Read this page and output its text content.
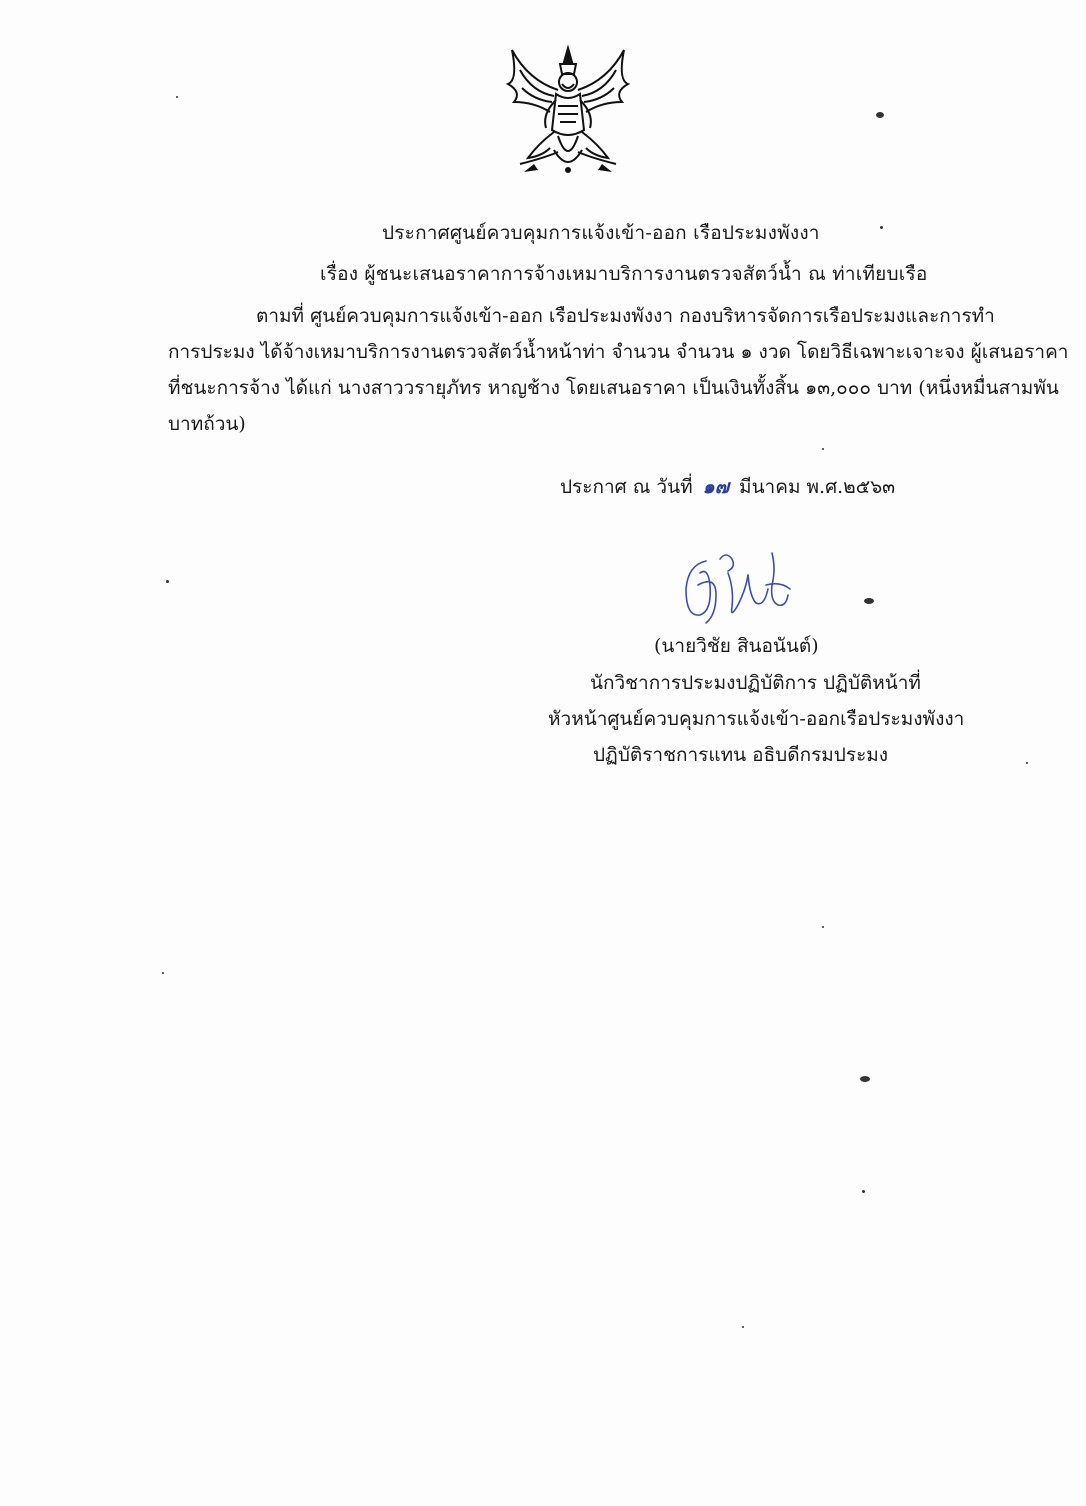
ประกาศศูนย์ควบคุมการแจ้งเข้า-ออก เรือประมงพังงา
เรื่อง ผู้ชนะเสนอราคาการจ้างเหมาบริการงานตรวจสัตว์น้ำ ณ ท่าเทียบเรือ
ตามที่ ศูนย์ควบคุมการแจ้งเข้า-ออก เรือประมงพังงา กองบริหารจัดการเรือประมงและการทำ
การประมง ได้จ้างเหมาบริการงานตรวจสัตว์น้ำหน้าท่า จำนวน จำนวน ๑ งวด โดยวิธีเฉพาะเจาะจง ผู้เสนอราคา
ที่ชนะการจ้าง ได้แก่ นางสาววรายุภัทร หาญช้าง โดยเสนอราคา เป็นเงินทั้งสิ้น ๑๓,๐๐๐ บาท (หนึ่งหมื่นสามพัน
บาทถ้วน)
ประกาศ ณ วันที่ ๑๗ มีนาคม พ.ศ.๒๕๖๓
(นายวิชัย สินอนันต์)
นักวิชาการประมงปฏิบัติการ ปฏิบัติหน้าที่
หัวหน้าศูนย์ควบคุมการแจ้งเข้า-ออกเรือประมงพังงา
ปฏิบัติราชการแทน อธิบดีกรมประมง
